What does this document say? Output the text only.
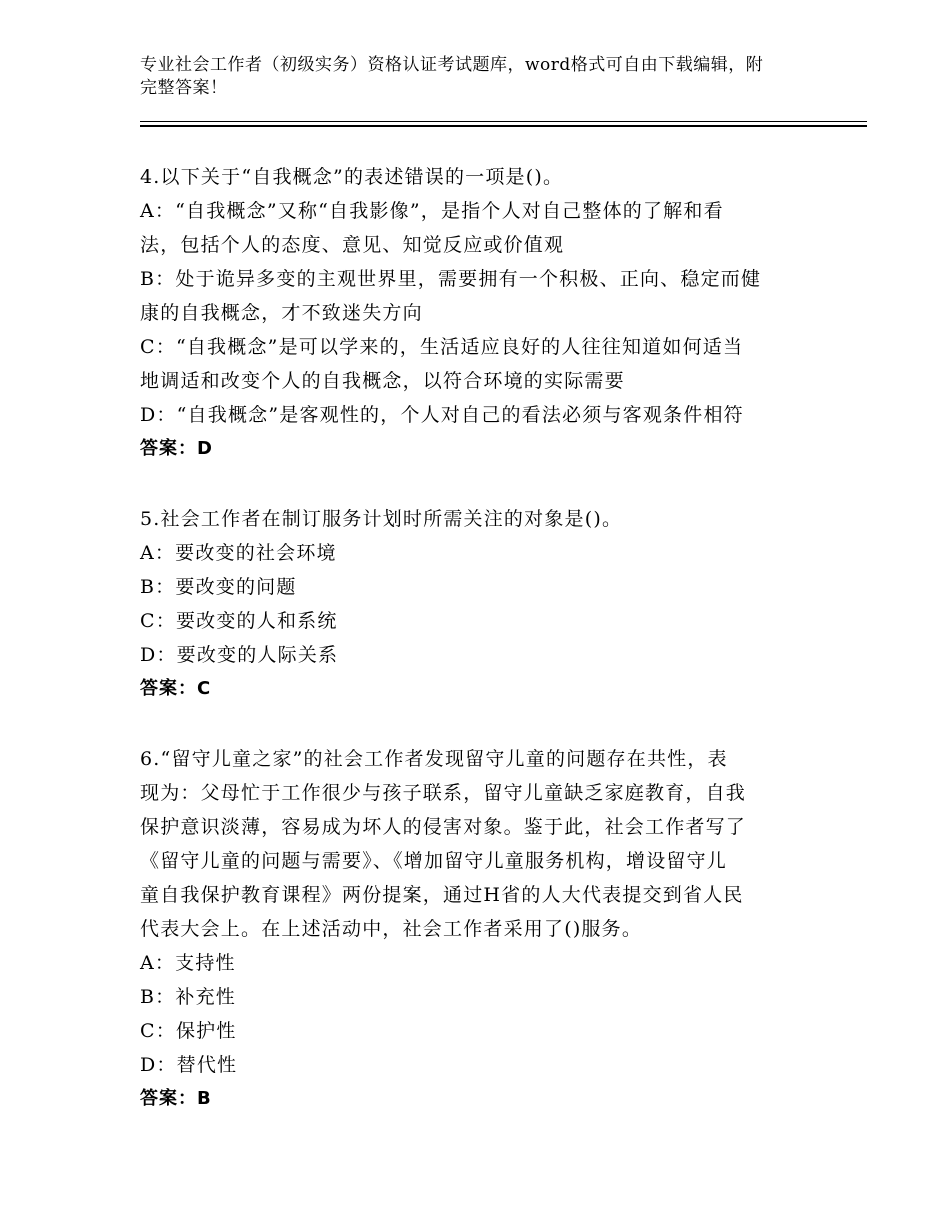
专业社会工作者（初级实务）资格认证考试题库，word格式可自由下载编辑，附
完整答案！
4.以下关于“自我概念”的表述错误的一项是()。
A：“自我概念”又称“自我影像”，是指个人对自己整体的了解和看
法，包括个人的态度、意见、知觉反应或价值观
B：处于诡异多变的主观世界里，需要拥有一个积极、正向、稳定而健
康的自我概念，才不致迷失方向
C：“自我概念”是可以学来的，生活适应良好的人往往知道如何适当
地调适和改变个人的自我概念，以符合环境的实际需要
D：“自我概念”是客观性的，个人对自己的看法必须与客观条件相符
答案：D
5.社会工作者在制订服务计划时所需关注的对象是()。
A：要改变的社会环境
B：要改变的问题
C：要改变的人和系统
D：要改变的人际关系
答案：C
6.“留守儿童之家”的社会工作者发现留守儿童的问题存在共性，表
现为：父母忙于工作很少与孩子联系，留守儿童缺乏家庭教育，自我
保护意识淡薄，容易成为坏人的侵害对象。鉴于此，社会工作者写了
《留守儿童的问题与需要》、《增加留守儿童服务机构，增设留守儿
童自我保护教育课程》两份提案，通过H省的人大代表提交到省人民
代表大会上。在上述活动中，社会工作者采用了()服务。
A：支持性
B：补充性
C：保护性
D：替代性
答案：B
